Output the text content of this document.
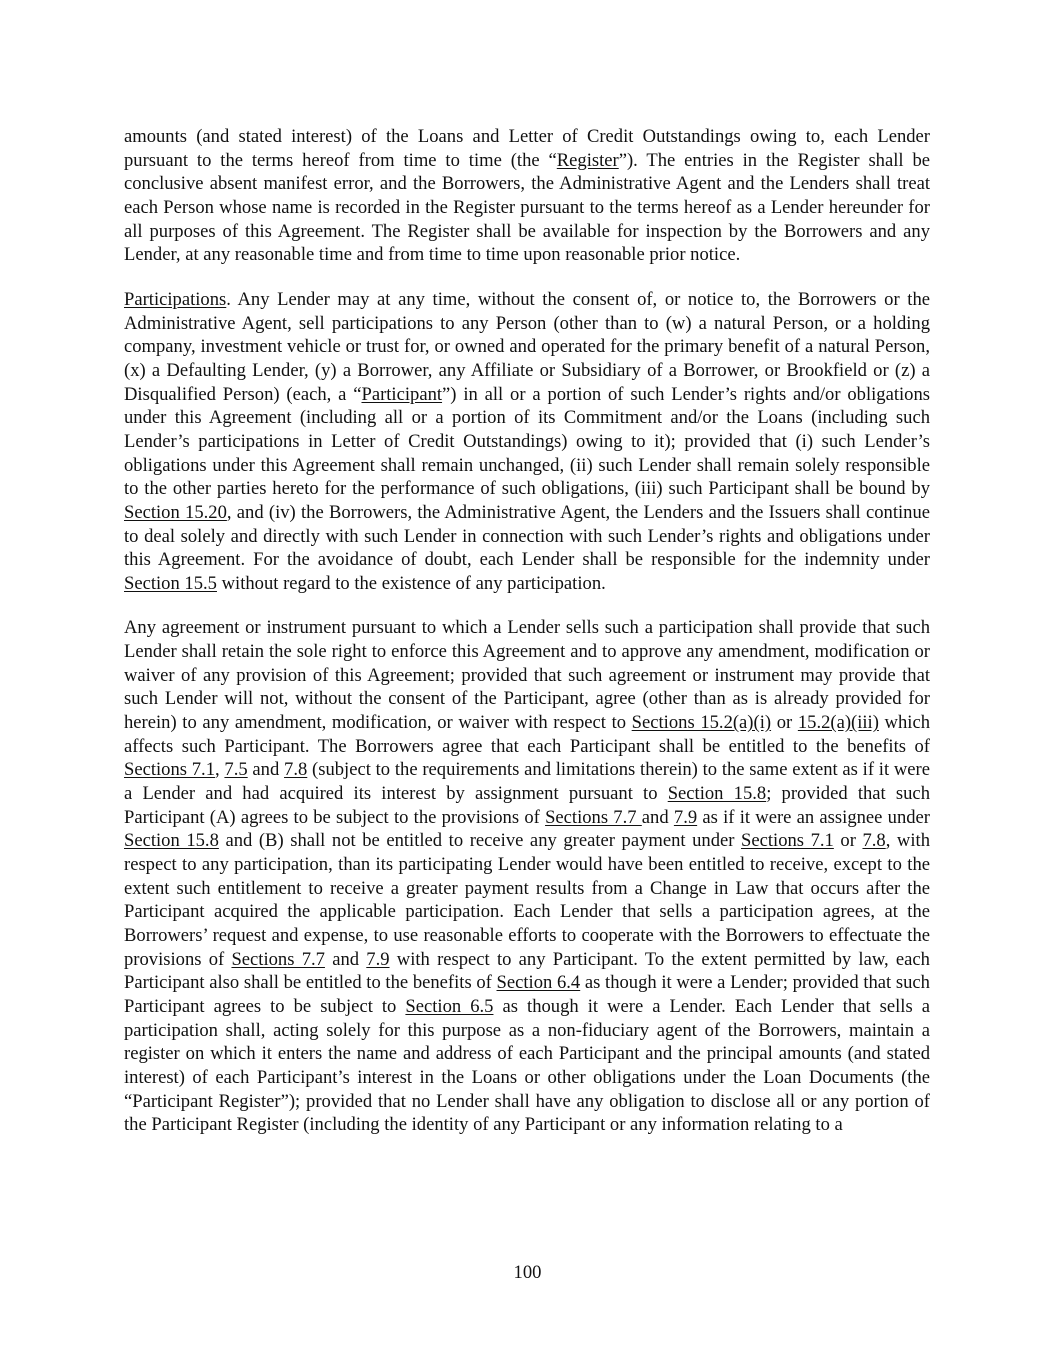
amounts (and stated interest) of the Loans and Letter of Credit Outstandings owing to, each Lender pursuant to the terms hereof from time to time (the “Register”). The entries in the Register shall be conclusive absent manifest error, and the Borrowers, the Administrative Agent and the Lenders shall treat each Person whose name is recorded in the Register pursuant to the terms hereof as a Lender hereunder for all purposes of this Agreement. The Register shall be available for inspection by the Borrowers and any Lender, at any reasonable time and from time to time upon reasonable prior notice.

Participations. Any Lender may at any time, without the consent of, or notice to, the Borrowers or the Administrative Agent, sell participations to any Person (other than to (w) a natural Person, or a holding company, investment vehicle or trust for, or owned and operated for the primary benefit of a natural Person, (x) a Defaulting Lender, (y) a Borrower, any Affiliate or Subsidiary of a Borrower, or Brookfield or (z) a Disqualified Person) (each, a “Participant”) in all or a portion of such Lender’s rights and/or obligations under this Agreement (including all or a portion of its Commitment and/or the Loans (including such Lender’s participations in Letter of Credit Outstandings) owing to it); provided that (i) such Lender’s obligations under this Agreement shall remain unchanged, (ii) such Lender shall remain solely responsible to the other parties hereto for the performance of such obligations, (iii) such Participant shall be bound by Section 15.20, and (iv) the Borrowers, the Administrative Agent, the Lenders and the Issuers shall continue to deal solely and directly with such Lender in connection with such Lender’s rights and obligations under this Agreement. For the avoidance of doubt, each Lender shall be responsible for the indemnity under Section 15.5 without regard to the existence of any participation.

Any agreement or instrument pursuant to which a Lender sells such a participation shall provide that such Lender shall retain the sole right to enforce this Agreement and to approve any amendment, modification or waiver of any provision of this Agreement; provided that such agreement or instrument may provide that such Lender will not, without the consent of the Participant, agree (other than as is already provided for herein) to any amendment, modification, or waiver with respect to Sections 15.2(a)(i) or 15.2(a)(iii) which affects such Participant. The Borrowers agree that each Participant shall be entitled to the benefits of Sections 7.1, 7.5 and 7.8 (subject to the requirements and limitations therein) to the same extent as if it were a Lender and had acquired its interest by assignment pursuant to Section 15.8; provided that such Participant (A) agrees to be subject to the provisions of Sections 7.7 and 7.9 as if it were an assignee under Section 15.8 and (B) shall not be entitled to receive any greater payment under Sections 7.1 or 7.8, with respect to any participation, than its participating Lender would have been entitled to receive, except to the extent such entitlement to receive a greater payment results from a Change in Law that occurs after the Participant acquired the applicable participation. Each Lender that sells a participation agrees, at the Borrowers’ request and expense, to use reasonable efforts to cooperate with the Borrowers to effectuate the provisions of Sections 7.7 and 7.9 with respect to any Participant. To the extent permitted by law, each Participant also shall be entitled to the benefits of Section 6.4 as though it were a Lender; provided that such Participant agrees to be subject to Section 6.5 as though it were a Lender. Each Lender that sells a participation shall, acting solely for this purpose as a non-fiduciary agent of the Borrowers, maintain a register on which it enters the name and address of each Participant and the principal amounts (and stated interest) of each Participant’s interest in the Loans or other obligations under the Loan Documents (the “Participant Register”); provided that no Lender shall have any obligation to disclose all or any portion of the Participant Register (including the identity of any Participant or any information relating to a

100
